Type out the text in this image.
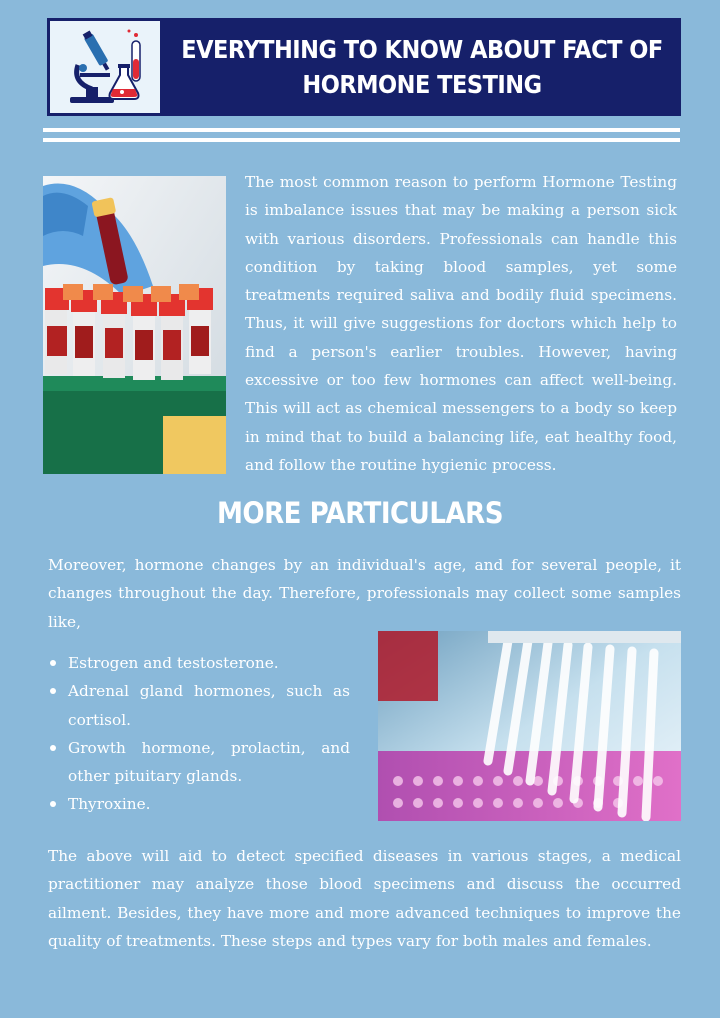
EVERYTHING TO KNOW ABOUT FACT OF
HORMONE TESTING

The most common reason to perform Hormone Testing is imbalance issues that may be making a person sick with various disorders. Professionals can handle this condition by taking blood samples, yet some treatments required saliva and bodily fluid specimens. Thus, it will give suggestions for doctors which help to find a person's earlier troubles. However, having excessive or too few hormones can affect well-being. This will act as chemical messengers to a body so keep in mind that to build a balancing life, eat healthy food, and follow the routine hygienic process.

MORE PARTICULARS

Moreover, hormone changes by an individual's age, and for several people, it changes throughout the day. Therefore, professionals may collect some samples like,

Estrogen and testosterone.
Adrenal gland hormones, such as cortisol.
Growth hormone, prolactin, and other pituitary glands.
Thyroxine.

The above will aid to detect specified diseases in various stages, a medical practitioner may analyze those blood specimens and discuss the occurred ailment. Besides, they have more and more advanced techniques to improve the quality of treatments. These steps and types vary for both males and females.
